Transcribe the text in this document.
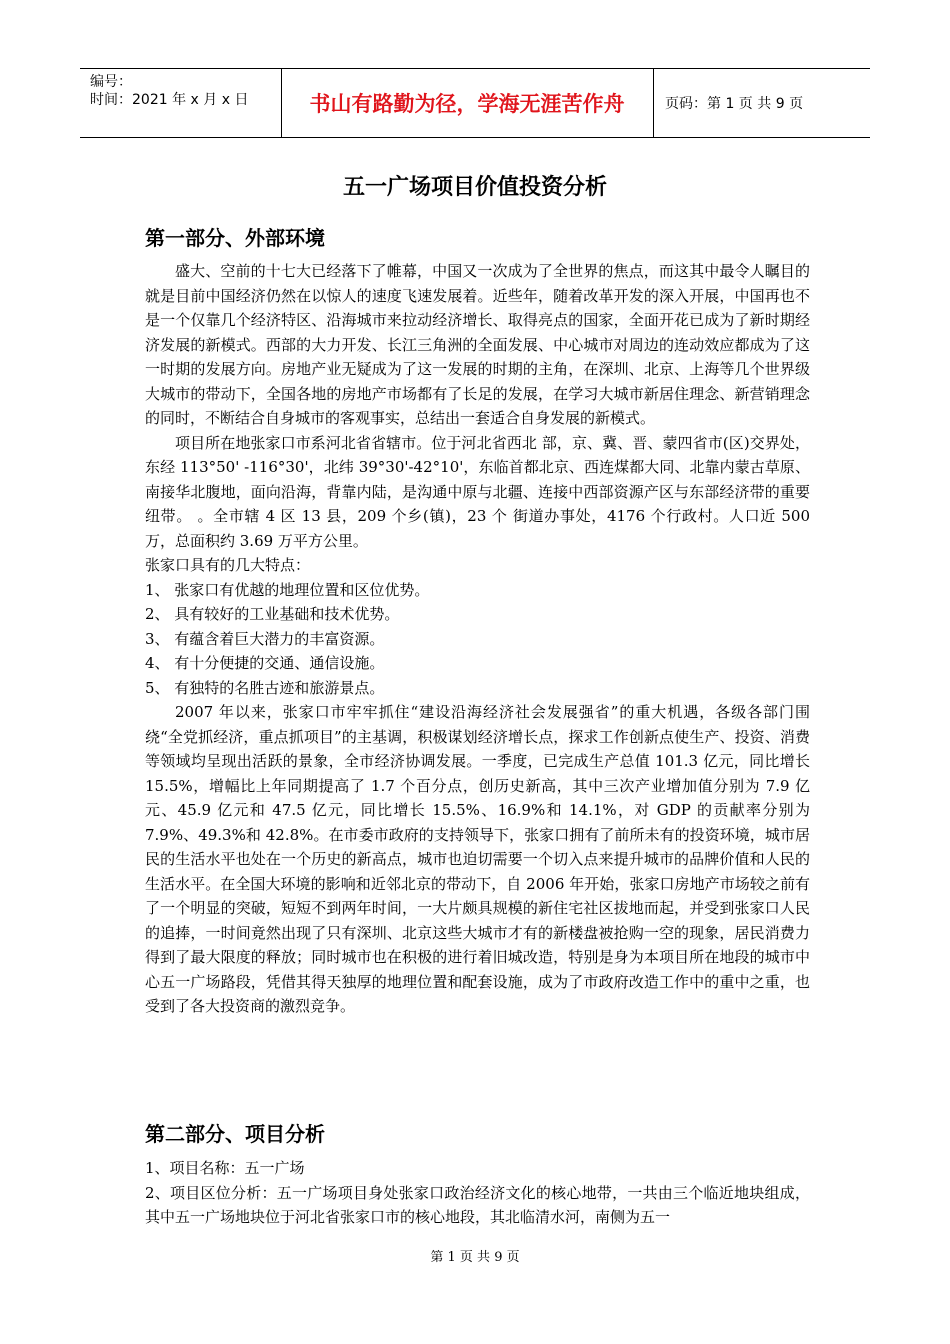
编号：
时间：2021 年 x 月 x 日	书山有路勤为径，学海无涯苦作舟	页码：第 1 页 共 9 页
五一广场项目价值投资分析
第一部分、外部环境

盛大、空前的十七大已经落下了帷幕，中国又一次成为了全世界的焦点，而这其中最令人瞩目的就是目前中国经济仍然在以惊人的速度飞速发展着。近些年，随着改革开发的深入开展，中国再也不是一个仅靠几个经济特区、沿海城市来拉动经济增长、取得亮点的国家，全面开花已成为了新时期经济发展的新模式。西部的大力开发、长江三角洲的全面发展、中心城市对周边的连动效应都成为了这一时期的发展方向。房地产业无疑成为了这一发展的时期的主角，在深圳、北京、上海等几个世界级大城市的带动下，全国各地的房地产市场都有了长足的发展，在学习大城市新居住理念、新营销理念的同时，不断结合自身城市的客观事实，总结出一套适合自身发展的新模式。

项目所在地张家口市系河北省省辖市。位于河北省西北 部，京、冀、晋、蒙四省市(区)交界处，东经 113°50' -116°30'，北纬 39°30'-42°10'，东临首都北京、西连煤都大同、北靠内蒙古草原、南接华北腹地，面向沿海，背靠内陆，是沟通中原与北疆、连接中西部资源产区与东部经济带的重要纽带。 。全市辖 4 区 13 县，209 个乡(镇)，23 个 街道办事处，4176 个行政村。人口近 500 万，总面积约 3.69 万平方公里。

张家口具有的几大特点：

1、 张家口有优越的地理位置和区位优势。

2、 具有较好的工业基础和技术优势。

3、 有蕴含着巨大潜力的丰富资源。

4、 有十分便捷的交通、通信设施。

5、 有独特的名胜古迹和旅游景点。

2007 年以来，张家口市牢牢抓住“建设沿海经济社会发展强省”的重大机遇，各级各部门围绕“全党抓经济，重点抓项目”的主基调，积极谋划经济增长点，探求工作创新点使生产、投资、消费等领域均呈现出活跃的景象，全市经济协调发展。一季度，已完成生产总值 101.3 亿元，同比增长 15.5%，增幅比上年同期提高了 1.7 个百分点，创历史新高，其中三次产业增加值分别为 7.9 亿元、45.9 亿元和 47.5 亿元，同比增长 15.5%、16.9%和 14.1%，对 GDP 的贡献率分别为 7.9%、49.3%和 42.8%。在市委市政府的支持领导下，张家口拥有了前所未有的投资环境，城市居民的生活水平也处在一个历史的新高点，城市也迫切需要一个切入点来提升城市的品牌价值和人民的生活水平。在全国大环境的影响和近邻北京的带动下，自 2006 年开始，张家口房地产市场较之前有了一个明显的突破，短短不到两年时间，一大片颇具规模的新住宅社区拔地而起，并受到张家口人民的追捧，一时间竟然出现了只有深圳、北京这些大城市才有的新楼盘被抢购一空的现象，居民消费力得到了最大限度的释放；同时城市也在积极的进行着旧城改造，特别是身为本项目所在地段的城市中心五一广场路段，凭借其得天独厚的地理位置和配套设施，成为了市政府改造工作中的重中之重，也受到了各大投资商的激烈竞争。

第二部分、项目分析

1、项目名称：五一广场

2、项目区位分析：五一广场项目身处张家口政治经济文化的核心地带，一共由三个临近地块组成，其中五一广场地块位于河北省张家口市的核心地段，其北临清水河，南侧为五一

第 1 页 共 9 页
